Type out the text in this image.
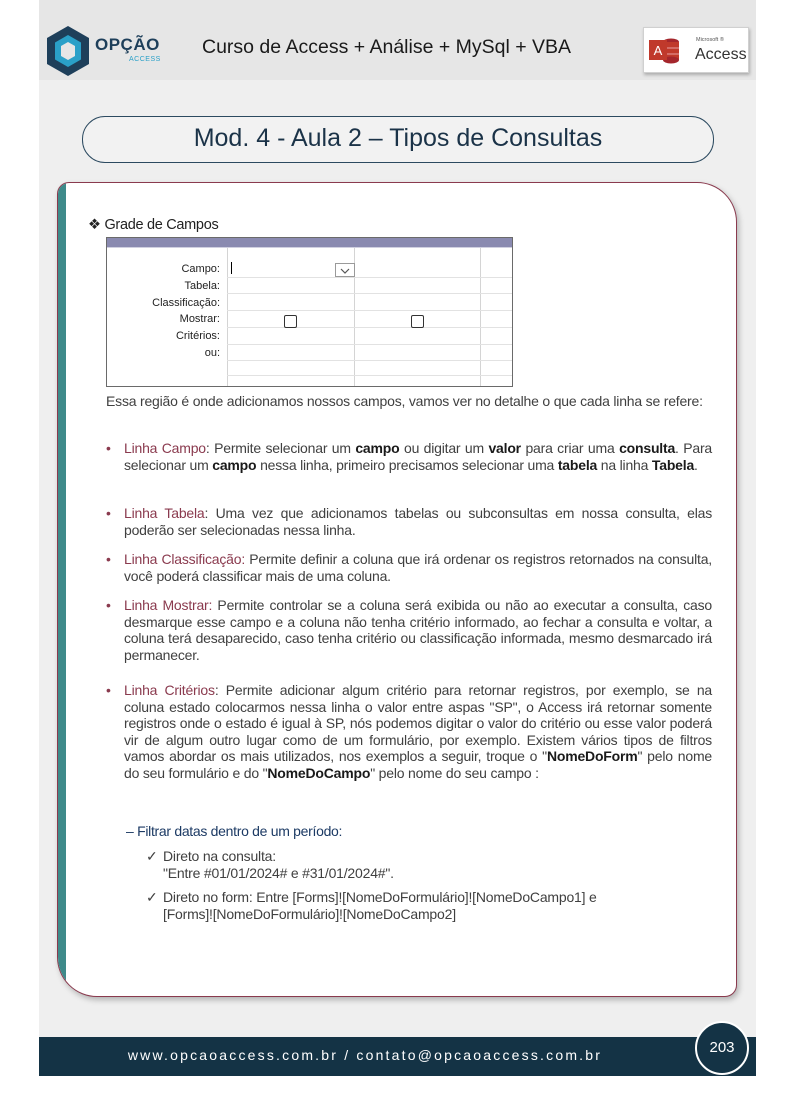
OPÇÃO
ACCESS
Curso de Access + Análise + MySql + VBA	A
Microsoft ®
Access
Mod. 4 - Aula 2 – Tipos de Consultas
www.opcaoaccess.com.br / contato@opcaoaccess.com.br	203
❖ Grade de Campos
Campo:
Tabela:
Classificação:
Mostrar:
Critérios:
ou:
Essa região é onde adicionamos nossos campos, vamos ver no detalhe o que cada linha se refere:
• Linha Campo: Permite selecionar um campo ou digitar um valor para criar uma consulta. Para selecionar um campo nessa linha, primeiro precisamos selecionar uma tabela na linha Tabela.
• Linha Tabela: Uma vez que adicionamos tabelas ou subconsultas em nossa consulta, elas poderão ser selecionadas nessa linha.
• Linha Classificação: Permite definir a coluna que irá ordenar os registros retornados na consulta, você poderá classificar mais de uma coluna.
• Linha Mostrar: Permite controlar se a coluna será exibida ou não ao executar a consulta, caso desmarque esse campo e a coluna não tenha critério informado, ao fechar a consulta e voltar, a coluna terá desaparecido, caso tenha critério ou classificação informada, mesmo desmarcado irá permanecer.
• Linha Critérios: Permite adicionar algum critério para retornar registros, por exemplo, se na coluna estado colocarmos nessa linha o valor entre aspas "SP", o Access irá retornar somente registros onde o estado é igual à SP, nós podemos digitar o valor do critério ou esse valor poderá vir de algum outro lugar como de um formulário, por exemplo. Existem vários tipos de filtros vamos abordar os mais utilizados, nos exemplos a seguir, troque o "NomeDoForm" pelo nome do seu formulário e do "NomeDoCampo" pelo nome do seu campo :
– Filtrar datas dentro de um período:
✓ Direto na consulta:
"Entre #01/01/2024# e #31/01/2024#".
✓ Direto no form: Entre [Forms]![NomeDoFormulário]![NomeDoCampo1] e
[Forms]![NomeDoFormulário]![NomeDoCampo2]
